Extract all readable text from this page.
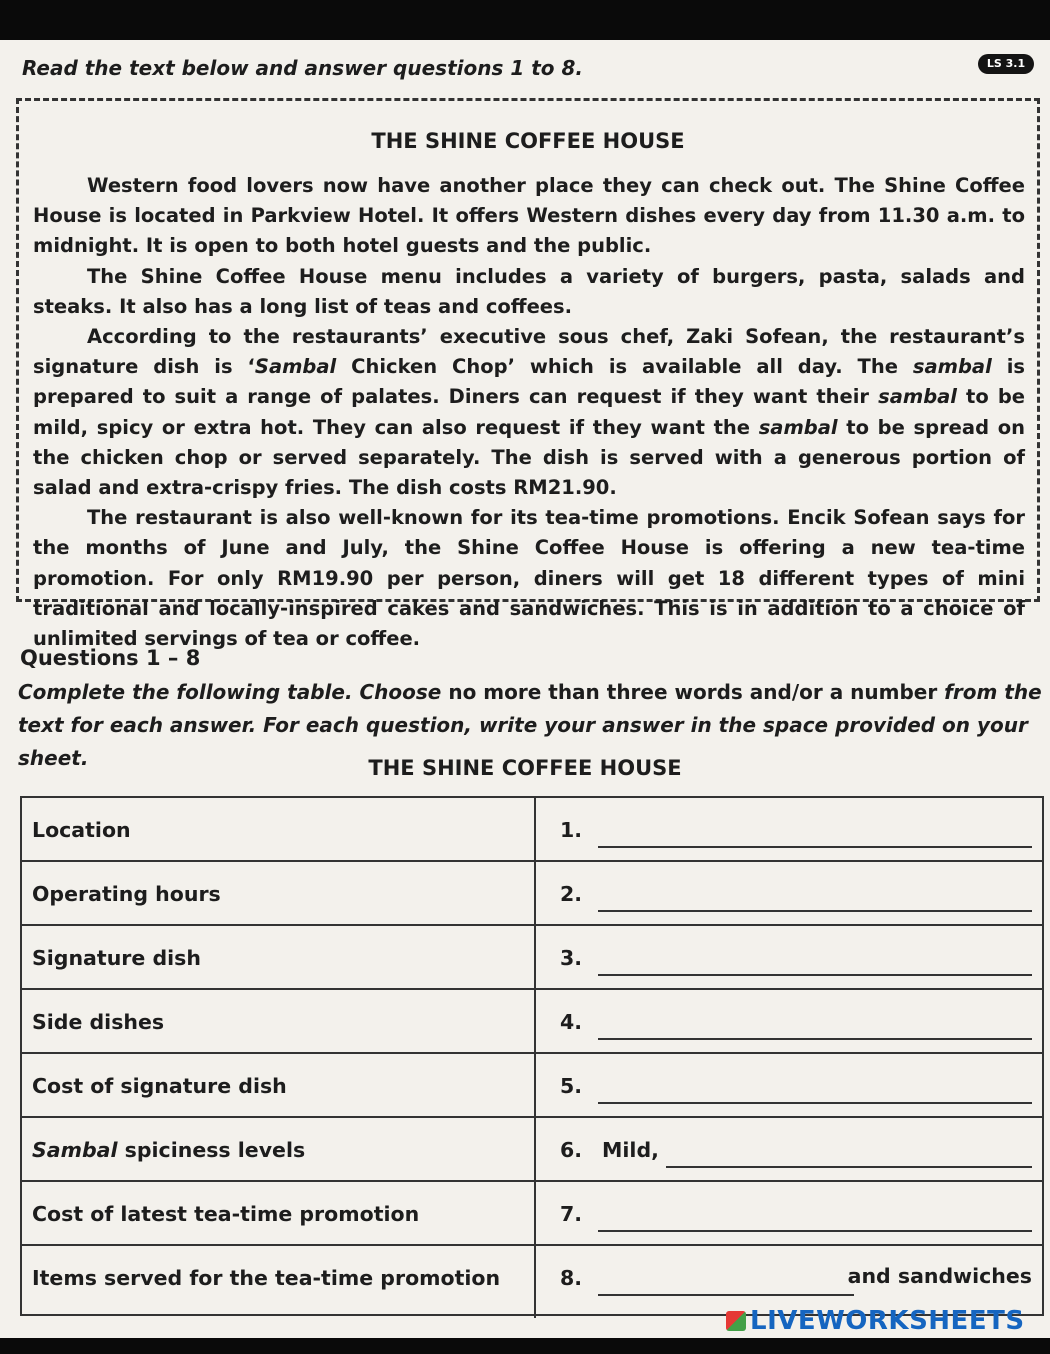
Read the text below and answer questions 1 to 8.	LS 3.1
THE SHINE COFFEE HOUSE

Western food lovers now have another place they can check out. The Shine Coffee House is located in Parkview Hotel. It offers Western dishes every day from 11.30 a.m. to midnight. It is open to both hotel guests and the public.

The Shine Coffee House menu includes a variety of burgers, pasta, salads and steaks. It also has a long list of teas and coffees.

According to the restaurants’ executive sous chef, Zaki Sofean, the restaurant’s signature dish is ‘Sambal Chicken Chop’ which is available all day. The sambal is prepared to suit a range of palates. Diners can request if they want their sambal to be mild, spicy or extra hot. They can also request if they want the sambal to be spread on the chicken chop or served separately. The dish is served with a generous portion of salad and extra-crispy fries. The dish costs RM21.90.

The restaurant is also well-known for its tea-time promotions. Encik Sofean says for the months of June and July, the Shine Coffee House is offering a new tea-time promotion. For only RM19.90 per person, diners will get 18 different types of mini traditional and locally-inspired cakes and sandwiches. This is in addition to a choice of unlimited servings of tea or coffee.

Questions 1 – 8
Complete the following table. Choose no more than three words and/or a number from the text for each answer. For each question, write your answer in the space provided on your sheet.	THE SHINE COFFEE HOUSE
Location	1.
Operating hours	2.
Signature dish	3.
Side dishes	4.
Cost of signature dish	5.
Sambal spiciness levels	6. Mild,
Cost of latest tea-time promotion	7.
Items served for the tea-time promotion	8.	and sandwiches
LIVEWORKSHEETS
